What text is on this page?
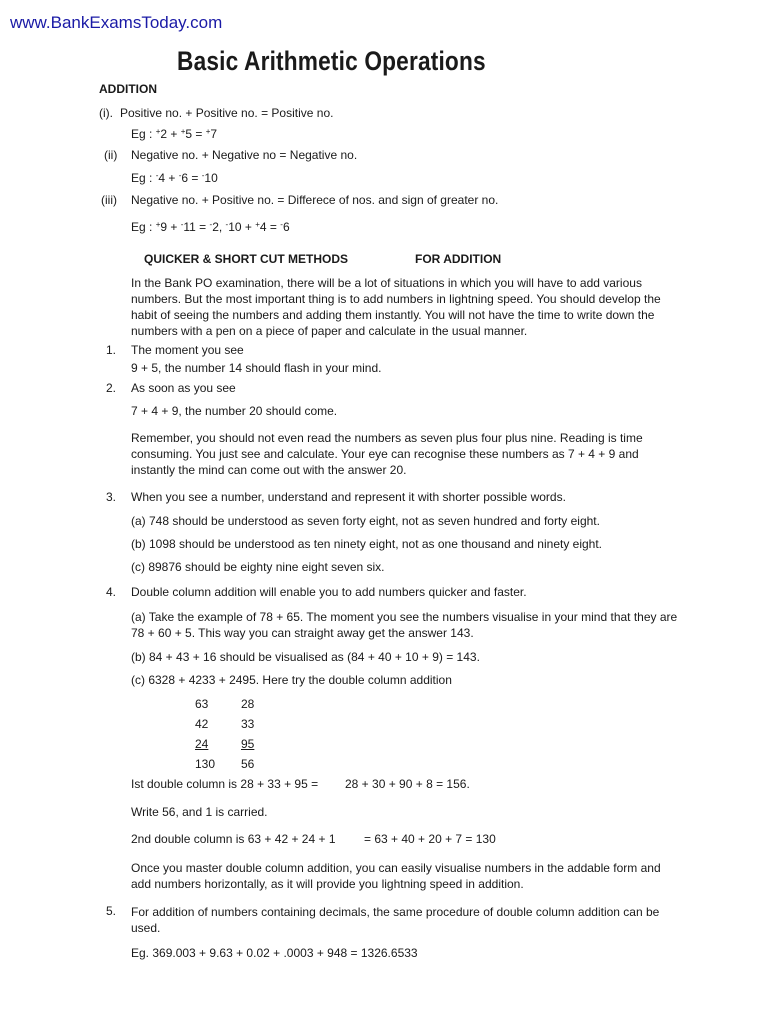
www.BankExamsToday.com
Basic Arithmetic Operations
ADDITION
(i). Positive no. + Positive no. = Positive no.
Eg : +2 + +5 = +7
(ii) Negative no. + Negative no = Negative no.
Eg : -4 + -6 = -10
(iii) Negative no. + Positive no. = Differece of nos. and sign of greater no.
Eg : +9 + -11 = -2, -10 + +4 = -6
QUICKER & SHORT CUT METHODS	FOR ADDITION
In the Bank PO examination, there will be a lot of situations in which you will have to add various numbers. But the most important thing is to add numbers in lightning speed. You should develop the habit of seeing the numbers and adding them instantly. You will not have the time to write down the numbers with a pen on a piece of paper and calculate in the usual manner.
1. The moment you see
9 + 5, the number 14 should flash in your mind.
2. As soon as you see
7 + 4 + 9, the number 20 should come.
Remember, you should not even read the numbers as seven plus four plus nine. Reading is time consuming. You just see and calculate. Your eye can recognise these numbers as 7 + 4 + 9 and instantly the mind can come out with the answer 20.
3. When you see a number, understand and represent it with shorter possible words.
(a) 748 should be understood as seven forty eight, not as seven hundred and forty eight.
(b) 1098 should be understood as ten ninety eight, not as one thousand and ninety eight.
(c) 89876 should be eighty nine eight seven six.
4. Double column addition will enable you to add numbers quicker and faster.
(a) Take the example of 78 + 65. The moment you see the numbers visualise in your mind that they are 78 + 60 + 5. This way you can straight away get the answer 143.
(b) 84 + 43 + 16 should be visualised as (84 + 40 + 10 + 9) = 143.
(c) 6328 + 4233 + 2495. Here try the double column addition
63	28
42	33
24	95
130 56
Ist double column is 28 + 33 + 95 = 28 + 30 + 90 + 8 = 156.
Write 56, and 1 is carried.
2nd double column is 63 + 42 + 24 + 1 = 63 + 40 + 20 + 7 = 130
Once you master double column addition, you can easily visualise numbers in the addable form and add numbers horizontally, as it will provide you lightning speed in addition.
5. For addition of numbers containing decimals, the same procedure of double column addition can be used.
Eg. 369.003 + 9.63 + 0.02 + .0003 + 948 = 1326.6533
